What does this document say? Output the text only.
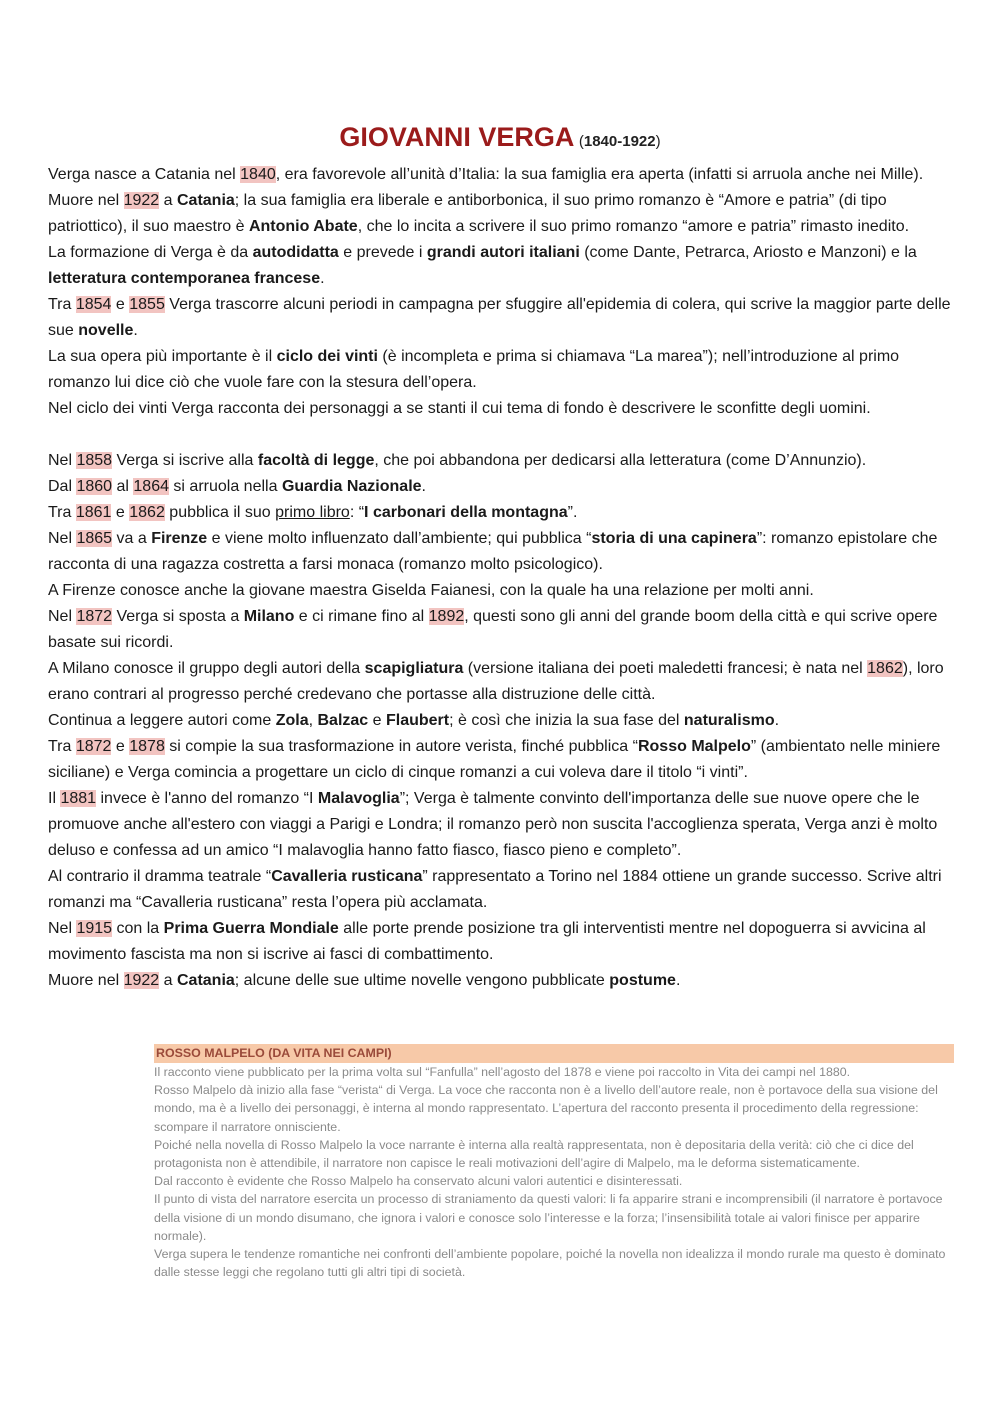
GIOVANNI VERGA (1840-1922)

Verga nasce a Catania nel 1840, era favorevole all’unità d’Italia: la sua famiglia era aperta (infatti si arruola anche nei Mille). Muore nel 1922 a Catania; la sua famiglia era liberale e antiborbonica, il suo primo romanzo è “Amore e patria” (di tipo patriottico), il suo maestro è Antonio Abate, che lo incita a scrivere il suo primo romanzo “amore e patria” rimasto inedito.

La formazione di Verga è da autodidatta e prevede i grandi autori italiani (come Dante, Petrarca, Ariosto e Manzoni) e la letteratura contemporanea francese.

Tra 1854 e 1855 Verga trascorre alcuni periodi in campagna per sfuggire all'epidemia di colera, qui scrive la maggior parte delle sue novelle.

La sua opera più importante è il ciclo dei vinti (è incompleta e prima si chiamava “La marea”); nell’introduzione al primo romanzo lui dice ciò che vuole fare con la stesura dell’opera.

Nel ciclo dei vinti Verga racconta dei personaggi a se stanti il cui tema di fondo è descrivere le sconfitte degli uomini.

Nel 1858 Verga si iscrive alla facoltà di legge, che poi abbandona per dedicarsi alla letteratura (come D’Annunzio).

Dal 1860 al 1864 si arruola nella Guardia Nazionale.

Tra 1861 e 1862 pubblica il suo primo libro: “I carbonari della montagna”.

Nel 1865 va a Firenze e viene molto influenzato dall’ambiente; qui pubblica “storia di una capinera”: romanzo epistolare che racconta di una ragazza costretta a farsi monaca (romanzo molto psicologico).

A Firenze conosce anche la giovane maestra Giselda Faianesi, con la quale ha una relazione per molti anni.

Nel 1872 Verga si sposta a Milano e ci rimane fino al 1892, questi sono gli anni del grande boom della città e qui scrive opere basate sui ricordi.

A Milano conosce il gruppo degli autori della scapigliatura (versione italiana dei poeti maledetti francesi; è nata nel 1862), loro erano contrari al progresso perché credevano che portasse alla distruzione delle città.

Continua a leggere autori come Zola, Balzac e Flaubert; è così che inizia la sua fase del naturalismo.

Tra 1872 e 1878 si compie la sua trasformazione in autore verista, finché pubblica “Rosso Malpelo” (ambientato nelle miniere siciliane) e Verga comincia a progettare un ciclo di cinque romanzi a cui voleva dare il titolo “i vinti”.

Il 1881 invece è l'anno del romanzo “I Malavoglia”; Verga è talmente convinto dell'importanza delle sue nuove opere che le promuove anche all'estero con viaggi a Parigi e Londra; il romanzo però non suscita l'accoglienza sperata, Verga anzi è molto deluso e confessa ad un amico “I malavoglia hanno fatto fiasco, fiasco pieno e completo”.

Al contrario il dramma teatrale “Cavalleria rusticana” rappresentato a Torino nel 1884 ottiene un grande successo. Scrive altri romanzi ma “Cavalleria rusticana” resta l’opera più acclamata.

Nel 1915 con la Prima Guerra Mondiale alle porte prende posizione tra gli interventisti mentre nel dopoguerra si avvicina al movimento fascista ma non si iscrive ai fasci di combattimento.

Muore nel 1922 a Catania; alcune delle sue ultime novelle vengono pubblicate postume.

ROSSO MALPELO (DA VITA NEI CAMPI)

Il racconto viene pubblicato per la prima volta sul “Fanfulla” nell’agosto del 1878 e viene poi raccolto in Vita dei campi nel 1880.

Rosso Malpelo dà inizio alla fase “verista“ di Verga. La voce che racconta non è a livello dell’autore reale, non è portavoce della sua visione del mondo, ma è a livello dei personaggi, è interna al mondo rappresentato. L’apertura del racconto presenta il procedimento della regressione: scompare il narratore onnisciente.

Poiché nella novella di Rosso Malpelo la voce narrante è interna alla realtà rappresentata, non è depositaria della verità: ciò che ci dice del protagonista non è attendibile, il narratore non capisce le reali motivazioni dell’agire di Malpelo, ma le deforma sistematicamente.

Dal racconto è evidente che Rosso Malpelo ha conservato alcuni valori autentici e disinteressati.

Il punto di vista del narratore esercita un processo di straniamento da questi valori: li fa apparire strani e incomprensibili (il narratore è portavoce della visione di un mondo disumano, che ignora i valori e conosce solo l’interesse e la forza; l’insensibilità totale ai valori finisce per apparire normale).

Verga supera le tendenze romantiche nei confronti dell’ambiente popolare, poiché la novella non idealizza il mondo rurale ma questo è dominato dalle stesse leggi che regolano tutti gli altri tipi di società.
